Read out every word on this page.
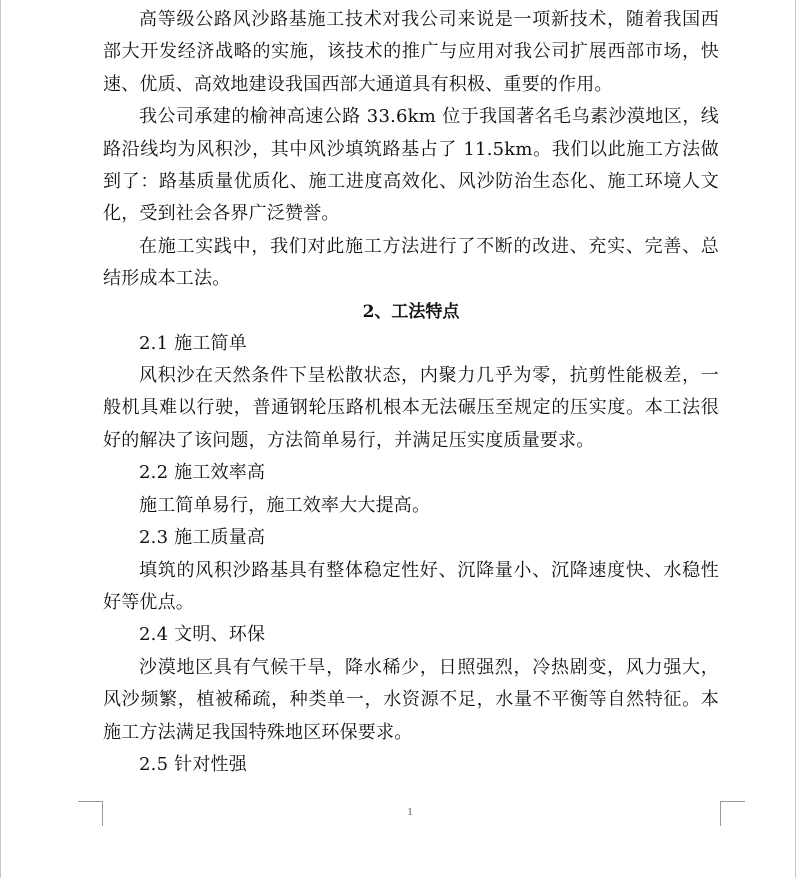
高等级公路风沙路基施工技术对我公司来说是一项新技术，随着我国西部大开发经济战略的实施，该技术的推广与应用对我公司扩展西部市场，快速、优质、高效地建设我国西部大通道具有积极、重要的作用。

我公司承建的榆神高速公路 33.6km 位于我国著名毛乌素沙漠地区，线路沿线均为风积沙，其中风沙填筑路基占了 11.5km。我们以此施工方法做到了：路基质量优质化、施工进度高效化、风沙防治生态化、施工环境人文化，受到社会各界广泛赞誉。

在施工实践中，我们对此施工方法进行了不断的改进、充实、完善、总结形成本工法。

2、工法特点

2.1 施工简单

风积沙在天然条件下呈松散状态，内聚力几乎为零，抗剪性能极差，一般机具难以行驶，普通钢轮压路机根本无法碾压至规定的压实度。本工法很好的解决了该问题，方法简单易行，并满足压实度质量要求。

2.2 施工效率高

施工简单易行，施工效率大大提高。

2.3 施工质量高

填筑的风积沙路基具有整体稳定性好、沉降量小、沉降速度快、水稳性好等优点。

2.4 文明、环保

沙漠地区具有气候干旱，降水稀少，日照强烈，冷热剧变，风力强大，风沙频繁，植被稀疏，种类单一，水资源不足，水量不平衡等自然特征。本施工方法满足我国特殊地区环保要求。

2.5 针对性强

1
